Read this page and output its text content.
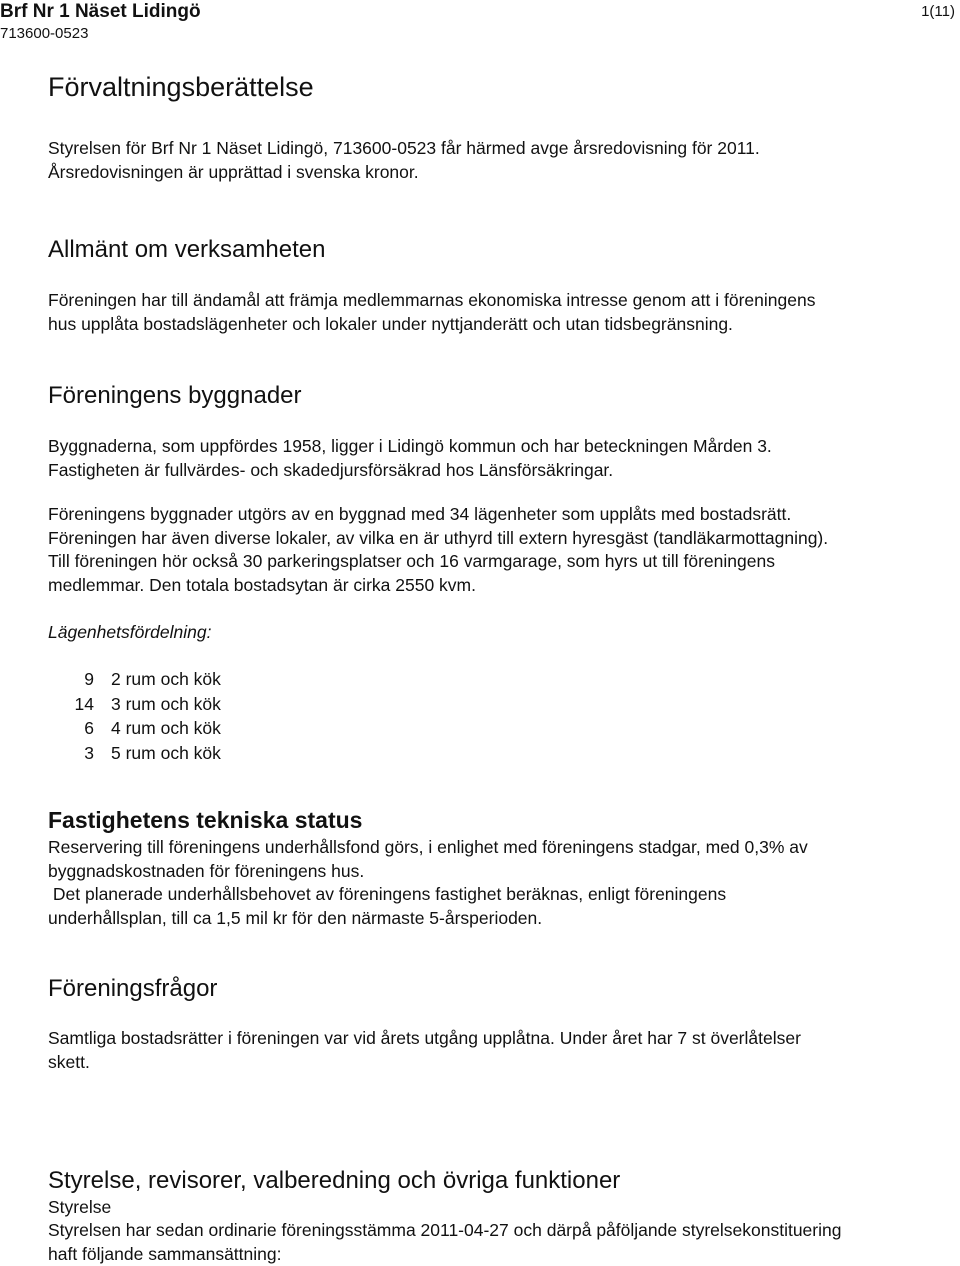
Brf Nr 1 Näset Lidingö
713600-0523
1(11)
Förvaltningsberättelse

Styrelsen för Brf Nr 1 Näset Lidingö, 713600-0523 får härmed avge årsredovisning för 2011.
Årsredovisningen är upprättad i svenska kronor.

Allmänt om verksamheten

Föreningen har till ändamål att främja medlemmarnas ekonomiska intresse genom att i föreningens
hus upplåta bostadslägenheter och lokaler under nyttjanderätt och utan tidsbegränsning.

Föreningens byggnader

Byggnaderna, som uppfördes 1958, ligger i Lidingö kommun och har beteckningen Mården 3.
Fastigheten är fullvärdes- och skadedjursförsäkrad hos Länsförsäkringar.

Föreningens byggnader utgörs av en byggnad med 34 lägenheter som upplåts med bostadsrätt.
Föreningen har även diverse lokaler, av vilka en är uthyrd till extern hyresgäst (tandläkarmottagning).
Till föreningen hör också 30 parkeringsplatser och 16 varmgarage, som hyrs ut till föreningens
medlemmar. Den totala bostadsytan är cirka 2550 kvm.

Lägenhetsfördelning:
9 2 rum och kök
14 3 rum och kök
6 4 rum och kök
3 5 rum och kök
Fastighetens tekniska status

Reservering till föreningens underhållsfond görs, i enlighet med föreningens stadgar, med 0,3% av
byggnadskostnaden för föreningens hus.
Det planerade underhållsbehovet av föreningens fastighet beräknas, enligt föreningens
underhållsplan, till ca 1,5 mil kr för den närmaste 5-årsperioden.

Föreningsfrågor

Samtliga bostadsrätter i föreningen var vid årets utgång upplåtna. Under året har 7 st överlåtelser
skett.

Styrelse, revisorer, valberedning och övriga funktioner
Styrelse

Styrelsen har sedan ordinarie föreningsstämma 2011-04-27 och därpå påföljande styrelsekonstituering
haft följande sammansättning:
